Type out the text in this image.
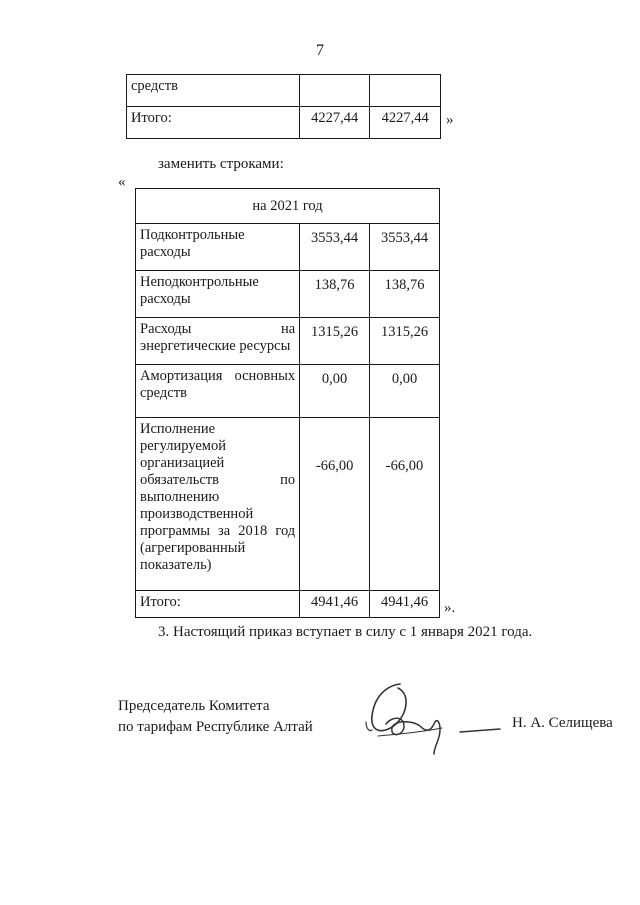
7
средств		
Итого:	4227,44	4227,44 »
заменить строками:
«
на 2021 год		
Подконтрольные расходы	3553,44	3553,44
Неподконтрольные расходы	138,76	138,76
Расходы на энергетические ресурсы	1315,26	1315,26
Амортизация основных средств	0,00	0,00
Исполнение регулируемой организацией обязательств по выполнению производственной программы за 2018 год (агрегированный показатель)	-66,00	-66,00
Итого:	4941,46	4941,46 ».
3. Настоящий приказ вступает в силу с 1 января 2021 года.
Председатель Комитета
по тарифам Республике Алтай	Н. А. Селищева
